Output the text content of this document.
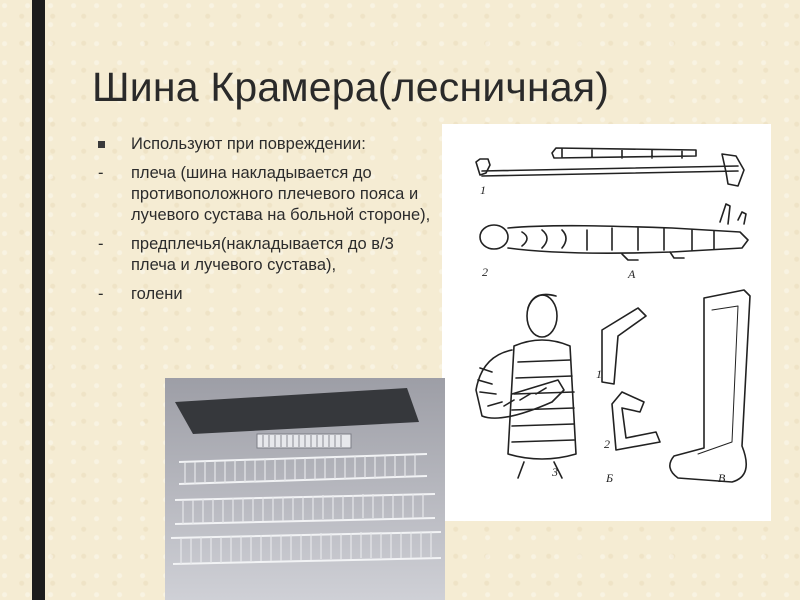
Шина Крамера(лесничная)
Используют при повреждении:
- плеча (шина накладывается до противоположного плечевого пояса и лучевого сустава на больной стороне),
- предплечья(накладывается до в/3 плеча и лучевого сустава),
- голени
1
2	А
1
2
3	Б	В
